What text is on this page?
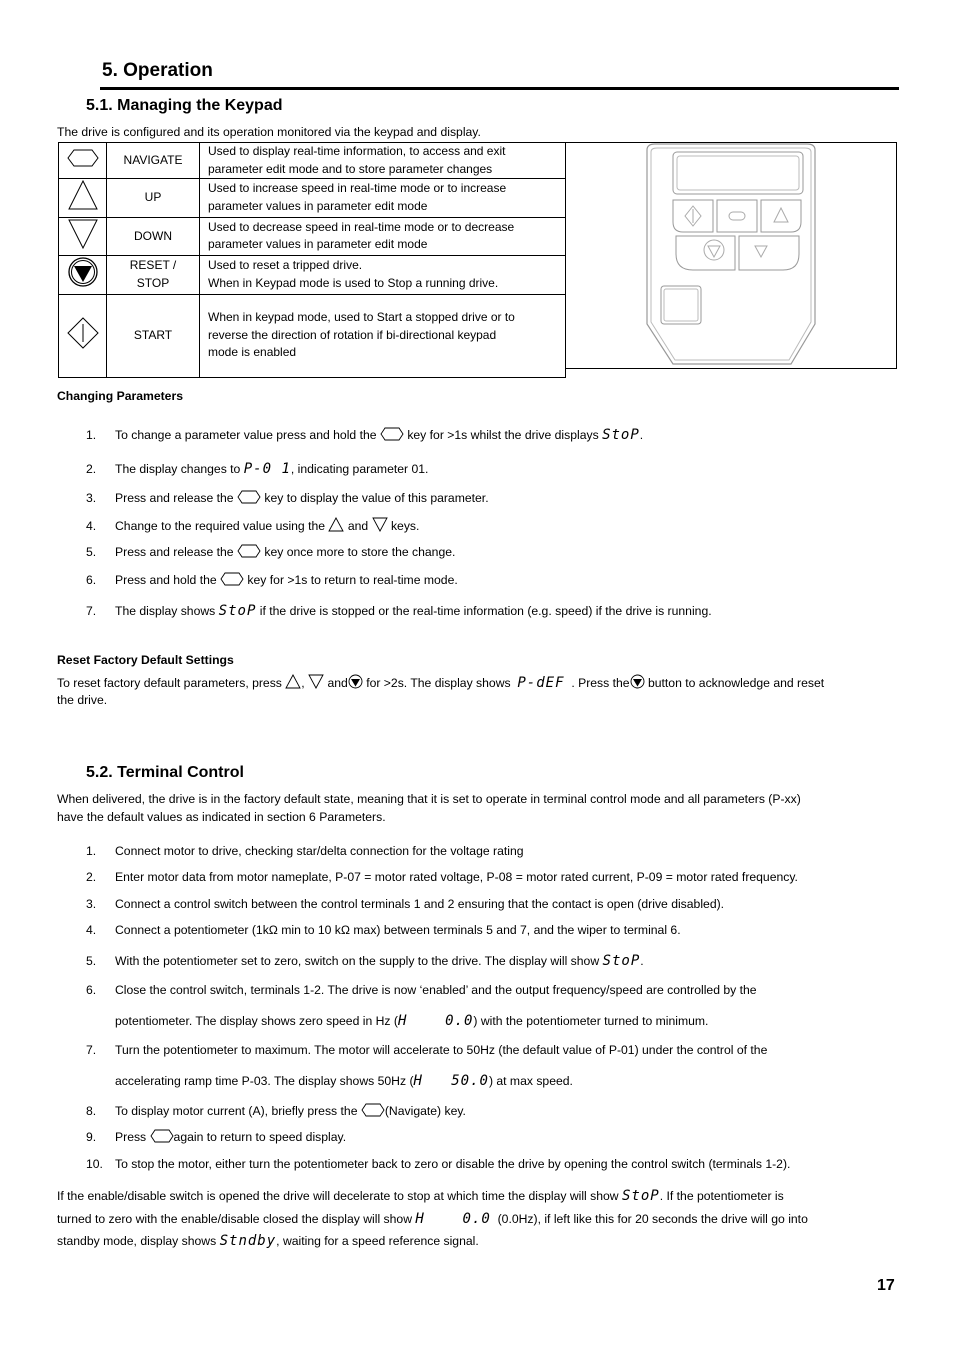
5. Operation
5.1. Managing the Keypad
The drive is configured and its operation monitored via the keypad and display.
	NAVIGATE	Used to display real-time information, to access and exit
parameter edit mode and to store parameter changes
	UP	Used to increase speed in real-time mode or to increase
parameter values in parameter edit mode
	DOWN	Used to decrease speed in real-time mode or to decrease
parameter values in parameter edit mode
	RESET /
STOP	Used to reset a tripped drive.
When in Keypad mode is used to Stop a running drive.
	START	When in keypad mode, used to Start a stopped drive or to
reverse the direction of rotation if bi-directional keypad
mode is enabled
Changing Parameters
1. To change a parameter value press and hold the	key for >1s whilst the drive displays StoP.
2. The display changes to P-0 1, indicating parameter 01.
3. Press and release the	key to display the value of this parameter.
4. Change to the required value using the and keys.
5. Press and release the	key once more to store the change.
6. Press and hold the	key for >1s to return to real-time mode.
7. The display shows StoP if the drive is stopped or the real-time information (e.g. speed) if the drive is running.
Reset Factory Default Settings
To reset factory default parameters, press , and for >2s. The display shows P-dEF . Press the button to acknowledge and reset
the drive.
5.2. Terminal Control
When delivered, the drive is in the factory default state, meaning that it is set to operate in terminal control mode and all parameters (P-xx)
have the default values as indicated in section 6 Parameters.
1. Connect motor to drive, checking star/delta connection for the voltage rating
2. Enter motor data from motor nameplate, P-07 = motor rated voltage, P-08 = motor rated current, P-09 = motor rated frequency.
3. Connect a control switch between the control terminals 1 and 2 ensuring that the contact is open (drive disabled).
4. Connect a potentiometer (1kΩ min to 10 kΩ max) between terminals 5 and 7, and the wiper to terminal 6.
5. With the potentiometer set to zero, switch on the supply to the drive. The display will show StoP.
6. Close the control switch, terminals 1-2. The drive is now ‘enabled’ and the output frequency/speed are controlled by the
potentiometer. The display shows zero speed in Hz (H    0.0) with the potentiometer turned to minimum.
7. Turn the potentiometer to maximum. The motor will accelerate to 50Hz (the default value of P-01) under the control of the
accelerating ramp time P-03. The display shows 50Hz (H   50.0) at max speed.
8. To display motor current (A), briefly press the (Navigate) key.
9. Press again to return to speed display.
10. To stop the motor, either turn the potentiometer back to zero or disable the drive by opening the control switch (terminals 1-2).
If the enable/disable switch is opened the drive will decelerate to stop at which time the display will show StoP. If the potentiometer is
turned to zero with the enable/disable closed the display will show H    0.0 (0.0Hz), if left like this for 20 seconds the drive will go into
standby mode, display shows Stndby, waiting for a speed reference signal.
17
